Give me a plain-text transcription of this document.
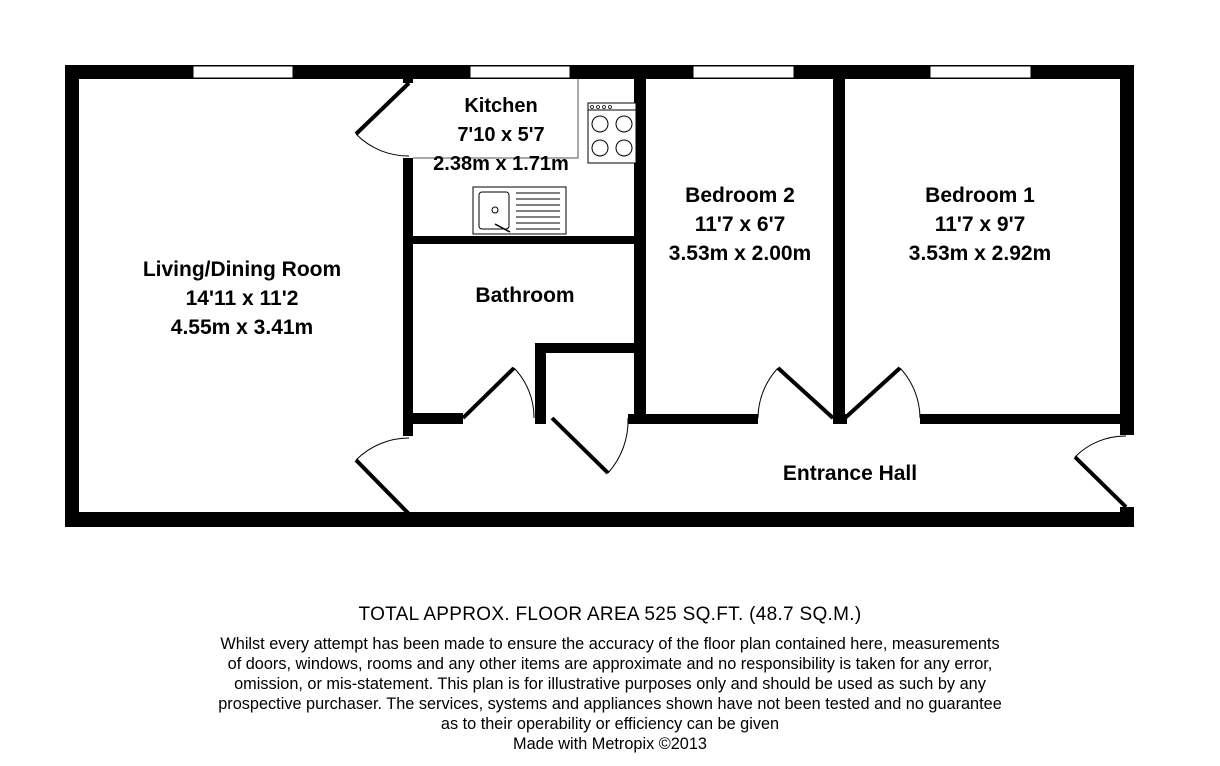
Living/Dining Room
14'11 x 11'2
4.55m x 3.41m
Kitchen
7'10 x 5'7
2.38m x 1.71m
Bedroom 2
11'7 x 6'7
3.53m x 2.00m
Bedroom 1
11'7 x 9'7
3.53m x 2.92m
Bathroom
Entrance Hall
TOTAL APPROX. FLOOR AREA 525 SQ.FT. (48.7 SQ.M.)
Whilst every attempt has been made to ensure the accuracy of the floor plan contained here, measurements
of doors, windows, rooms and any other items are approximate and no responsibility is taken for any error,
omission, or mis-statement. This plan is for illustrative purposes only and should be used as such by any
prospective purchaser. The services, systems and appliances shown have not been tested and no guarantee
as to their operability or efficiency can be given
Made with Metropix ©2013
